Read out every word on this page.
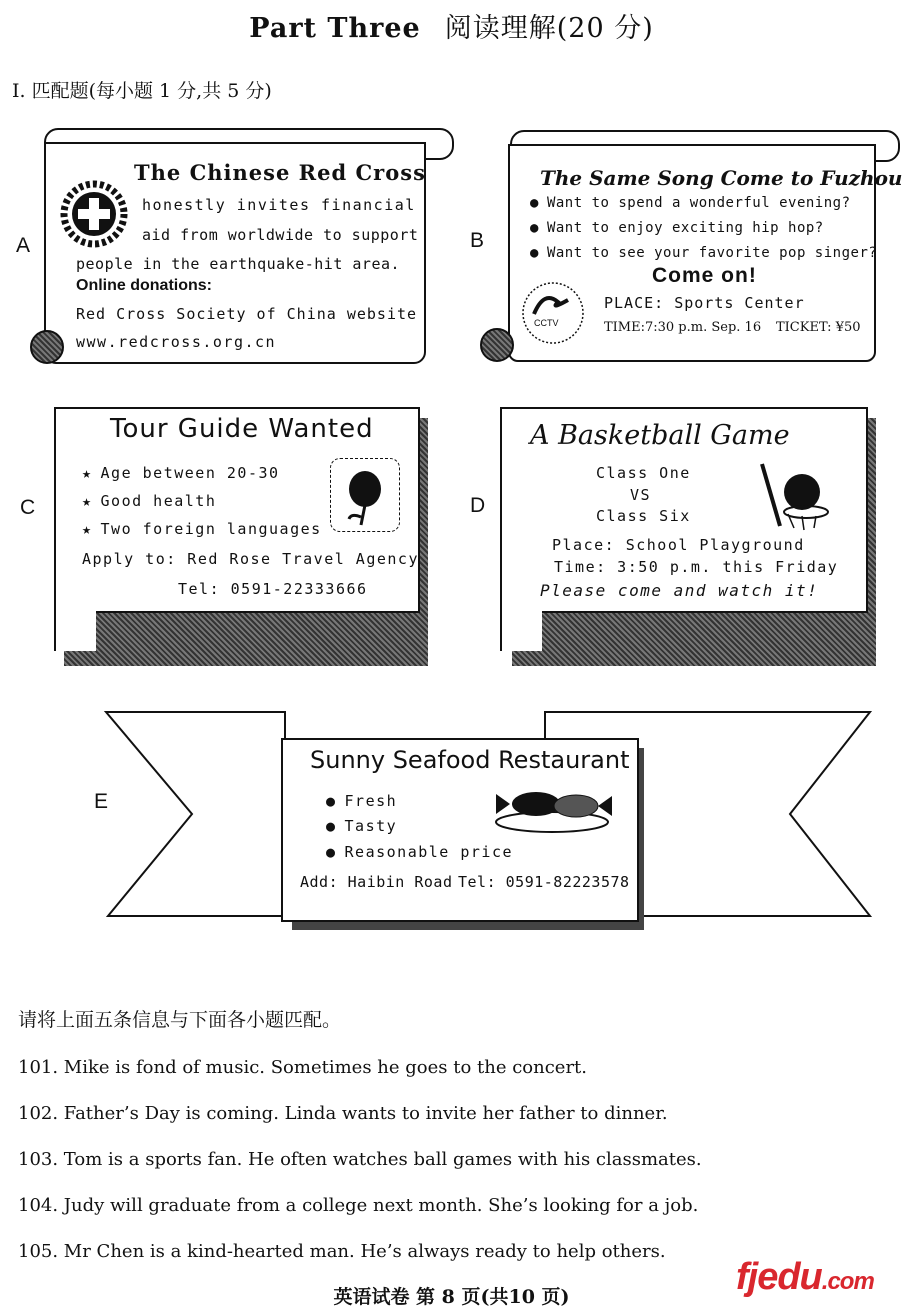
Part Three 阅读理解(20 分)
I. 匹配题(每小题 1 分,共 5 分)
A
The Chinese Red Cross
honestly invites financial
aid from worldwide to support
people in the earthquake-hit area.
Online donations:
Red Cross Society of China website
www.redcross.org.cn
B
The Same Song Come to Fuzhou
● Want to spend a wonderful evening?
● Want to enjoy exciting hip hop?
● Want to see your favorite pop singer?
Come on!
CCTV
PLACE: Sports Center
TIME:7:30 p.m. Sep. 16 TICKET: ¥50
C
Tour Guide Wanted
★ Age between 20-30
★ Good health
★ Two foreign languages
Apply to: Red Rose Travel Agency
Tel: 0591-22333666
D
A Basketball Game
Class One
VS
Class Six
Place: School Playground
Time: 3:50 p.m. this Friday
Please come and watch it!
E
Sunny Seafood Restaurant
● Fresh
● Tasty
● Reasonable price
Add: Haibin Road Tel: 0591-82223578
请将上面五条信息与下面各小题匹配。
101. Mike is fond of music. Sometimes he goes to the concert.
102. Father’s Day is coming. Linda wants to invite her father to dinner.
103. Tom is a sports fan. He often watches ball games with his classmates.
104. Judy will graduate from a college next month. She’s looking for a job.
105. Mr Chen is a kind-hearted man. He’s always ready to help others.
英语试卷 第 8 页(共10 页)	fjedu.com
